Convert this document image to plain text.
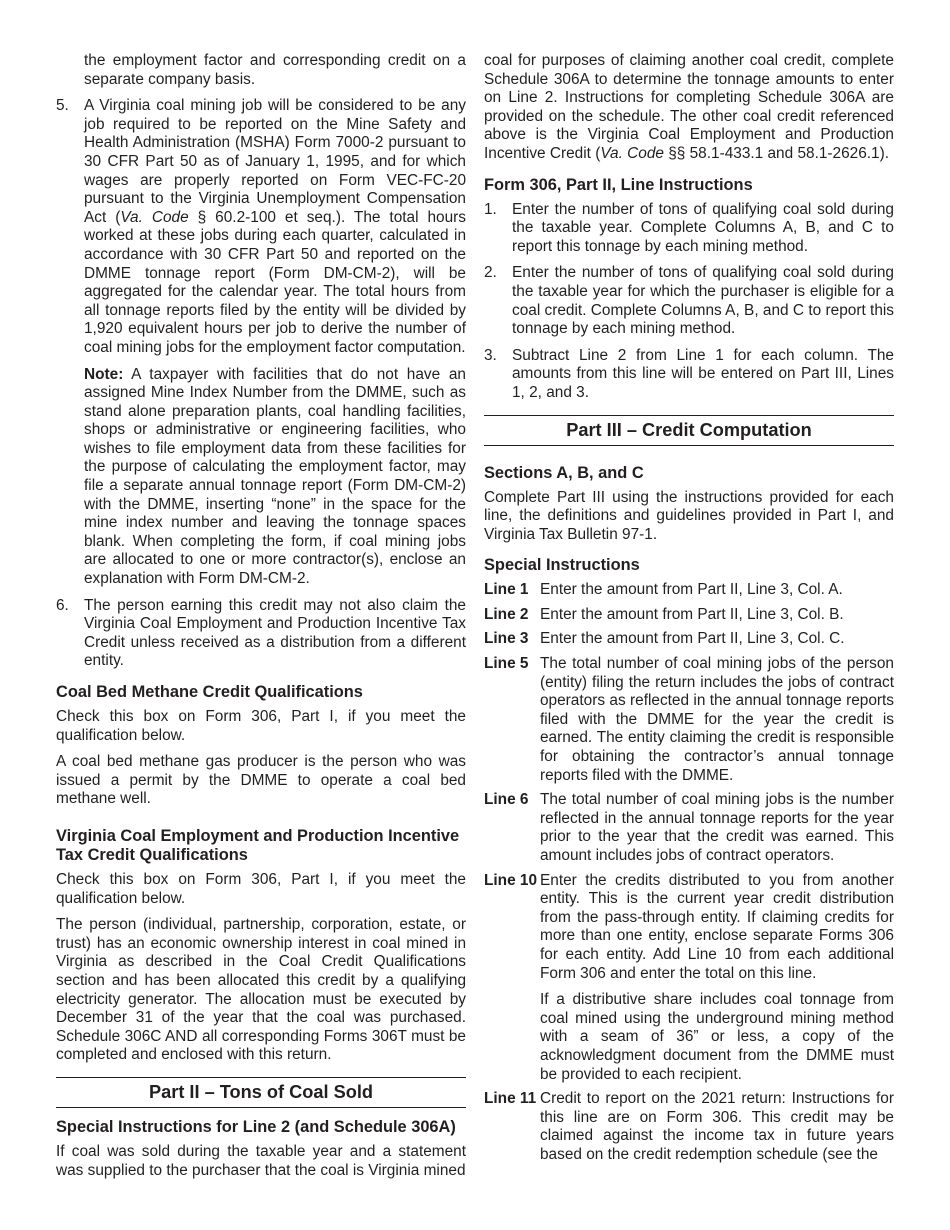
the employment factor and corresponding credit on a separate company basis.

5. A Virginia coal mining job will be considered to be any job required to be reported on the Mine Safety and Health Administration (MSHA) Form 7000-2 pursuant to 30 CFR Part 50 as of January 1, 1995, and for which wages are properly reported on Form VEC-FC-20 pursuant to the Virginia Unemployment Compensation Act (Va. Code § 60.2-100 et seq.). The total hours worked at these jobs during each quarter, calculated in accordance with 30 CFR Part 50 and reported on the DMME tonnage report (Form DM-CM-2), will be aggregated for the calendar year. The total hours from all tonnage reports filed by the entity will be divided by 1,920 equivalent hours per job to derive the number of coal mining jobs for the employment factor computation.

Note: A taxpayer with facilities that do not have an assigned Mine Index Number from the DMME, such as stand alone preparation plants, coal handling facilities, shops or administrative or engineering facilities, who wishes to file employment data from these facilities for the purpose of calculating the employment factor, may file a separate annual tonnage report (Form DM-CM-2) with the DMME, inserting “none” in the space for the mine index number and leaving the tonnage spaces blank. When completing the form, if coal mining jobs are allocated to one or more contractor(s), enclose an explanation with Form DM-CM-2.

6. The person earning this credit may not also claim the Virginia Coal Employment and Production Incentive Tax Credit unless received as a distribution from a different entity.

Coal Bed Methane Credit Qualifications

Check this box on Form 306, Part I, if you meet the qualification below.

A coal bed methane gas producer is the person who was issued a permit by the DMME to operate a coal bed methane well.

Virginia Coal Employment and Production Incentive Tax Credit Qualifications

Check this box on Form 306, Part I, if you meet the qualification below.

The person (individual, partnership, corporation, estate, or trust) has an economic ownership interest in coal mined in Virginia as described in the Coal Credit Qualifications section and has been allocated this credit by a qualifying electricity generator. The allocation must be executed by December 31 of the year that the coal was purchased. Schedule 306C AND all corresponding Forms 306T must be completed and enclosed with this return.

Part II – Tons of Coal Sold
Special Instructions for Line 2 (and Schedule 306A)

If coal was sold during the taxable year and a statement was supplied to the purchaser that the coal is Virginia mined

coal for purposes of claiming another coal credit, complete Schedule 306A to determine the tonnage amounts to enter on Line 2. Instructions for completing Schedule 306A are provided on the schedule. The other coal credit referenced above is the Virginia Coal Employment and Production Incentive Credit (Va. Code §§ 58.1-433.1 and 58.1-2626.1).

Form 306, Part II, Line Instructions
1. Enter the number of tons of qualifying coal sold during the taxable year. Complete Columns A, B, and C to report this tonnage by each mining method.

2. Enter the number of tons of qualifying coal sold during the taxable year for which the purchaser is eligible for a coal credit. Complete Columns A, B, and C to report this tonnage by each mining method.

3. Subtract Line 2 from Line 1 for each column. The amounts from this line will be entered on Part III, Lines 1, 2, and 3.

Part III – Credit Computation
Sections A, B, and C

Complete Part III using the instructions provided for each line, the definitions and guidelines provided in Part I, and Virginia Tax Bulletin 97-1.

Special Instructions
Line 1 Enter the amount from Part II, Line 3, Col. A.

Line 2 Enter the amount from Part II, Line 3, Col. B.

Line 3 Enter the amount from Part II, Line 3, Col. C.

Line 5 The total number of coal mining jobs of the person (entity) filing the return includes the jobs of contract operators as reflected in the annual tonnage reports filed with the DMME for the year the credit is earned. The entity claiming the credit is responsible for obtaining the contractor’s annual tonnage reports filed with the DMME.

Line 6 The total number of coal mining jobs is the number reflected in the annual tonnage reports for the year prior to the year that the credit was earned. This amount includes jobs of contract operators.

Line 10 Enter the credits distributed to you from another entity. This is the current year credit distribution from the pass-through entity. If claiming credits for more than one entity, enclose separate Forms 306 for each entity. Add Line 10 from each additional Form 306 and enter the total on this line.

If a distributive share includes coal tonnage from coal mined using the underground mining method with a seam of 36” or less, a copy of the acknowledgment document from the DMME must be provided to each recipient.

Line 11 Credit to report on the 2021 return: Instructions for this line are on Form 306. This credit may be claimed against the income tax in future years based on the credit redemption schedule (see the
